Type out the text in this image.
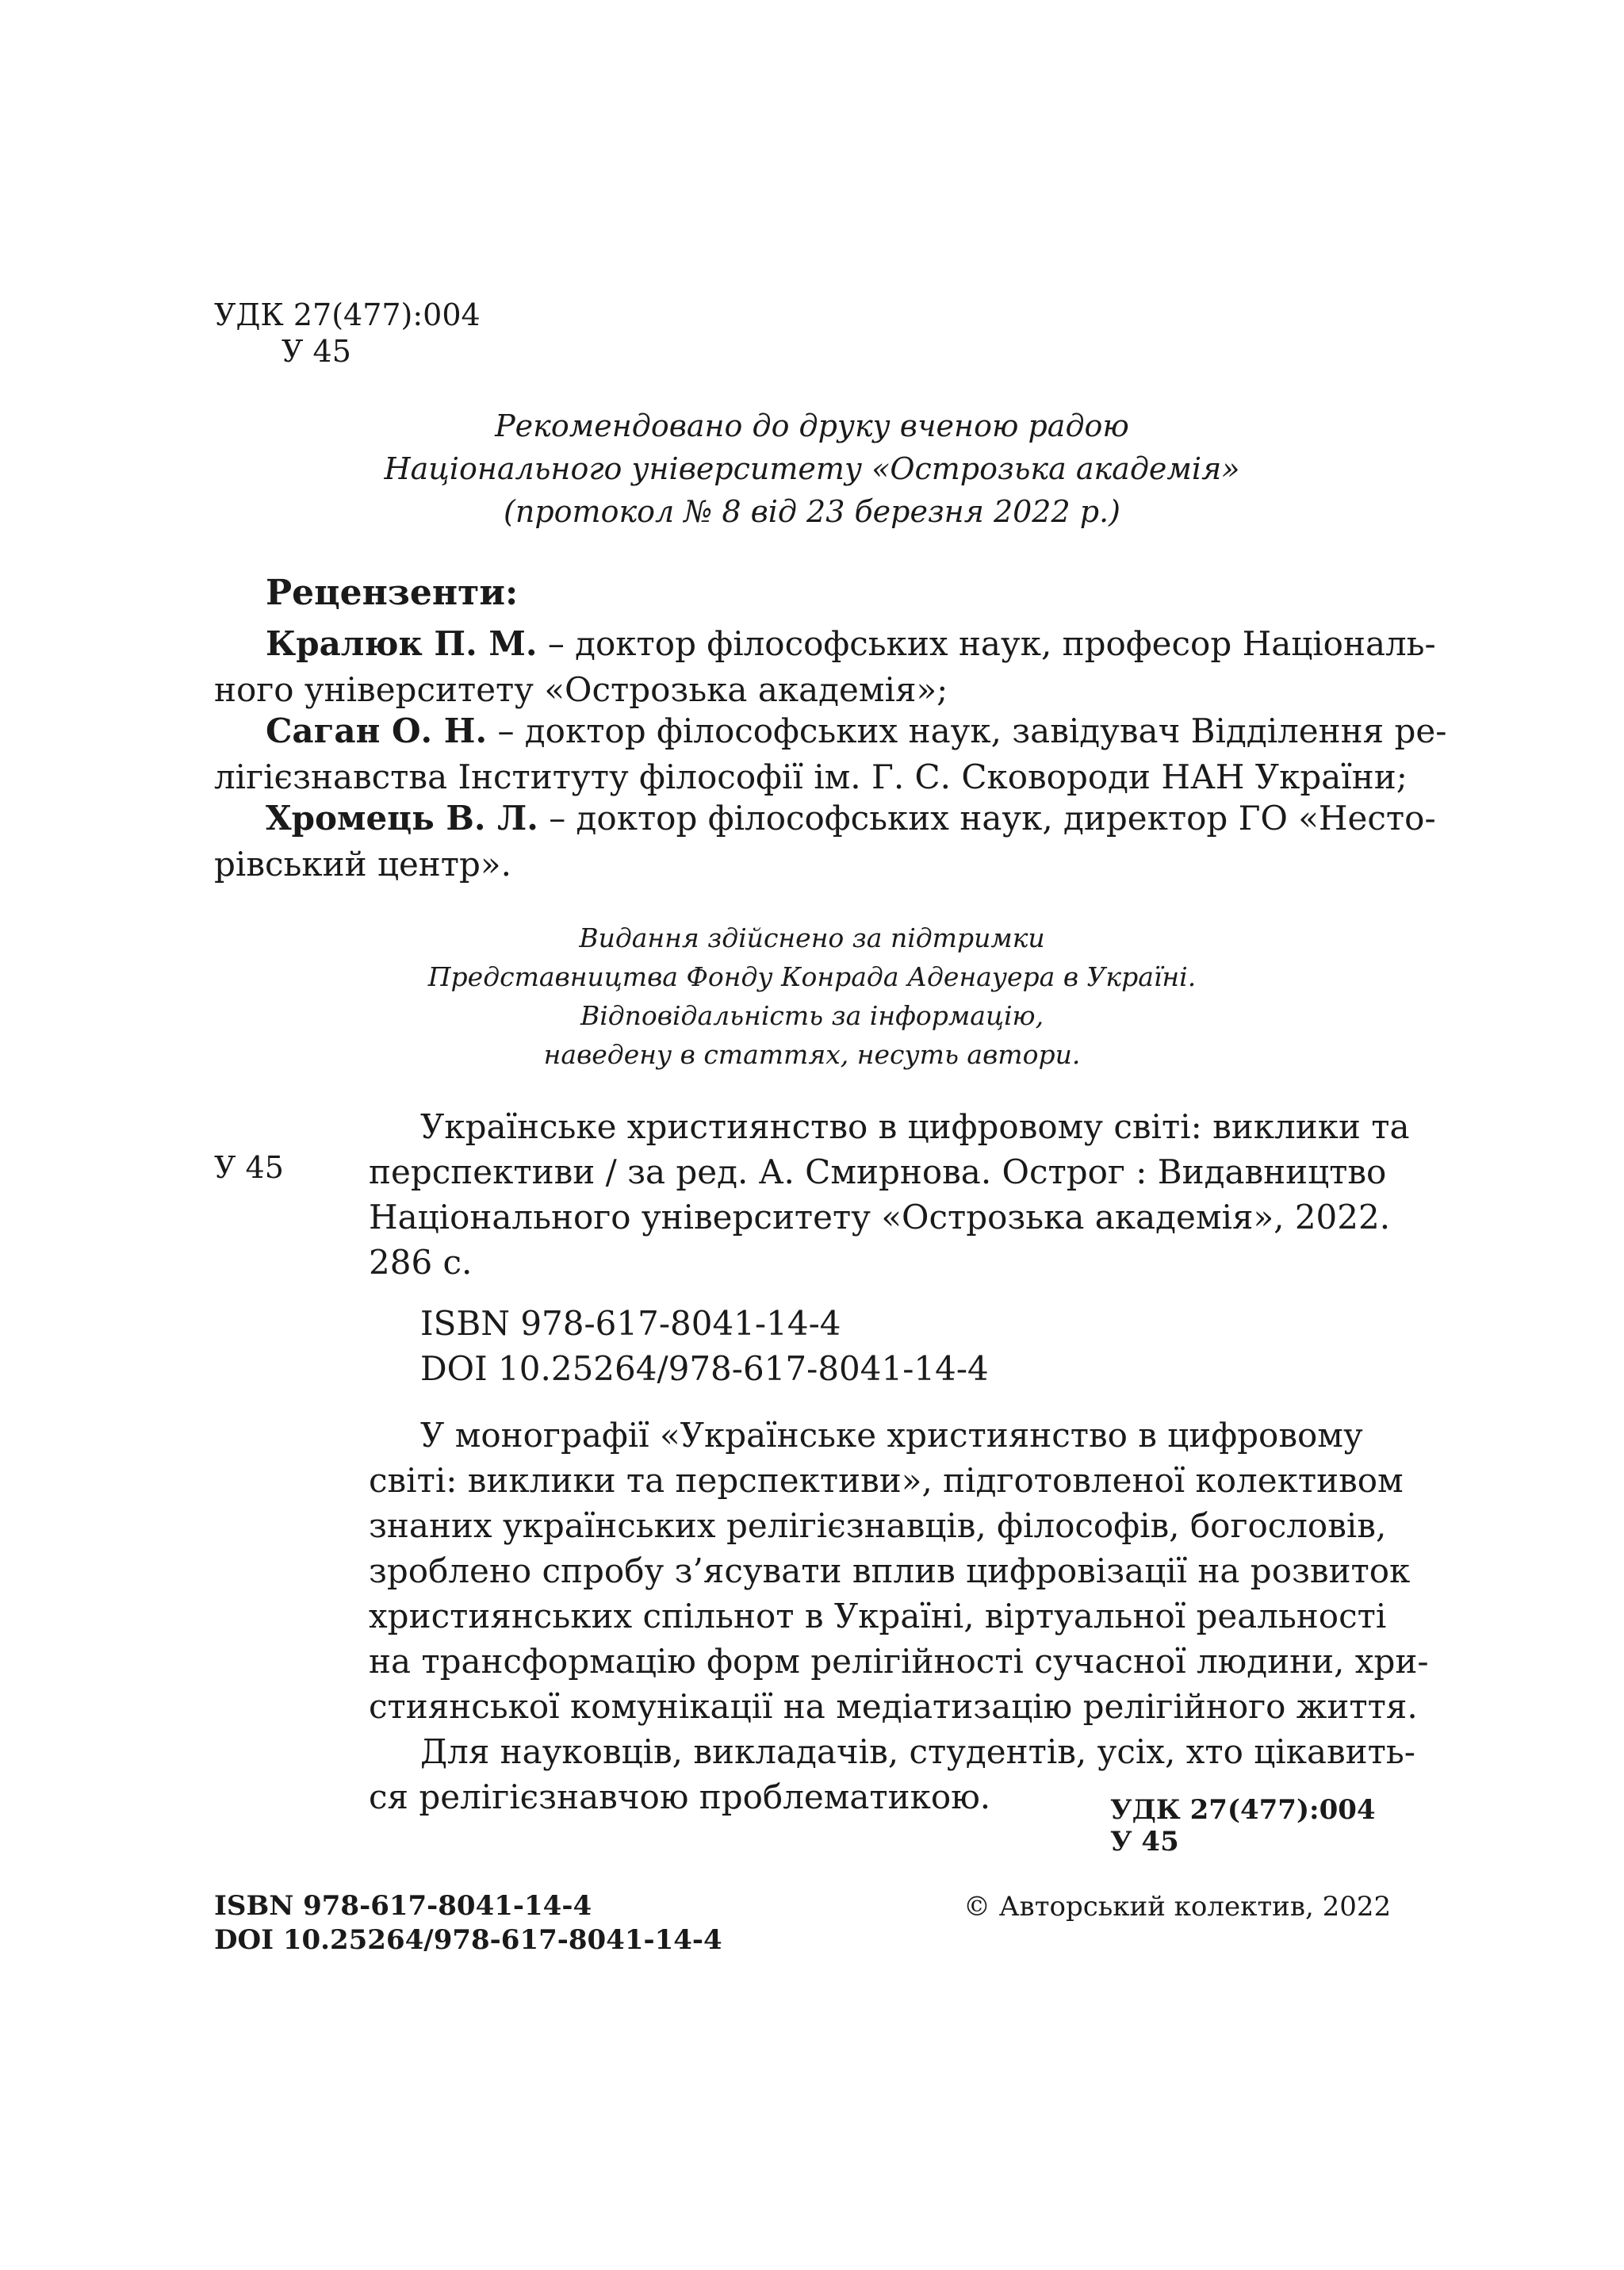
УДК 27(477):004
У 45
Рекомендовано до друку вченою радою
Національного університету «Острозька академія»
(протокол № 8 від 23 березня 2022 р.)
Рецензенти:
Кралюк П. М. – доктор філософських наук, професор Національ-
ного університету «Острозька академія»;
Саган О. Н. – доктор філософських наук, завідувач Відділення ре-
лігієзнавства Інституту філософії ім. Г. С. Сковороди НАН України;
Хромець В. Л. – доктор філософських наук, директор ГО «Несто-
рівський центр».
Видання здійснено за підтримки
Представництва Фонду Конрада Аденауера в Україні.
Відповідальність за інформацію,
наведену в статтях, несуть автори.
У 45
Українське християнство в цифровому світі: виклики та
перспективи / за ред. А. Смирнова. Острог : Видавництво
Національного університету «Острозька академія», 2022.
286 с.
ISBN 978-617-8041-14-4
DOI 10.25264/978-617-8041-14-4
У монографії «Українське християнство в цифровому
світі: виклики та перспективи», підготовленої колективом
знаних українських релігієзнавців, філософів, богословів,
зроблено спробу з’ясувати вплив цифровізації на розвиток
християнських спільнот в Україні, віртуальної реальності
на трансформацію форм релігійності сучасної людини, хри-
стиянської комунікації на медіатизацію релігійного життя.
Для науковців, викладачів, студентів, усіх, хто цікавить-
ся релігієзнавчою проблематикою.	УДК 27(477):004
У 45
ISBN 978-617-8041-14-4
DOI 10.25264/978-617-8041-14-4
© Авторський колектив, 2022
